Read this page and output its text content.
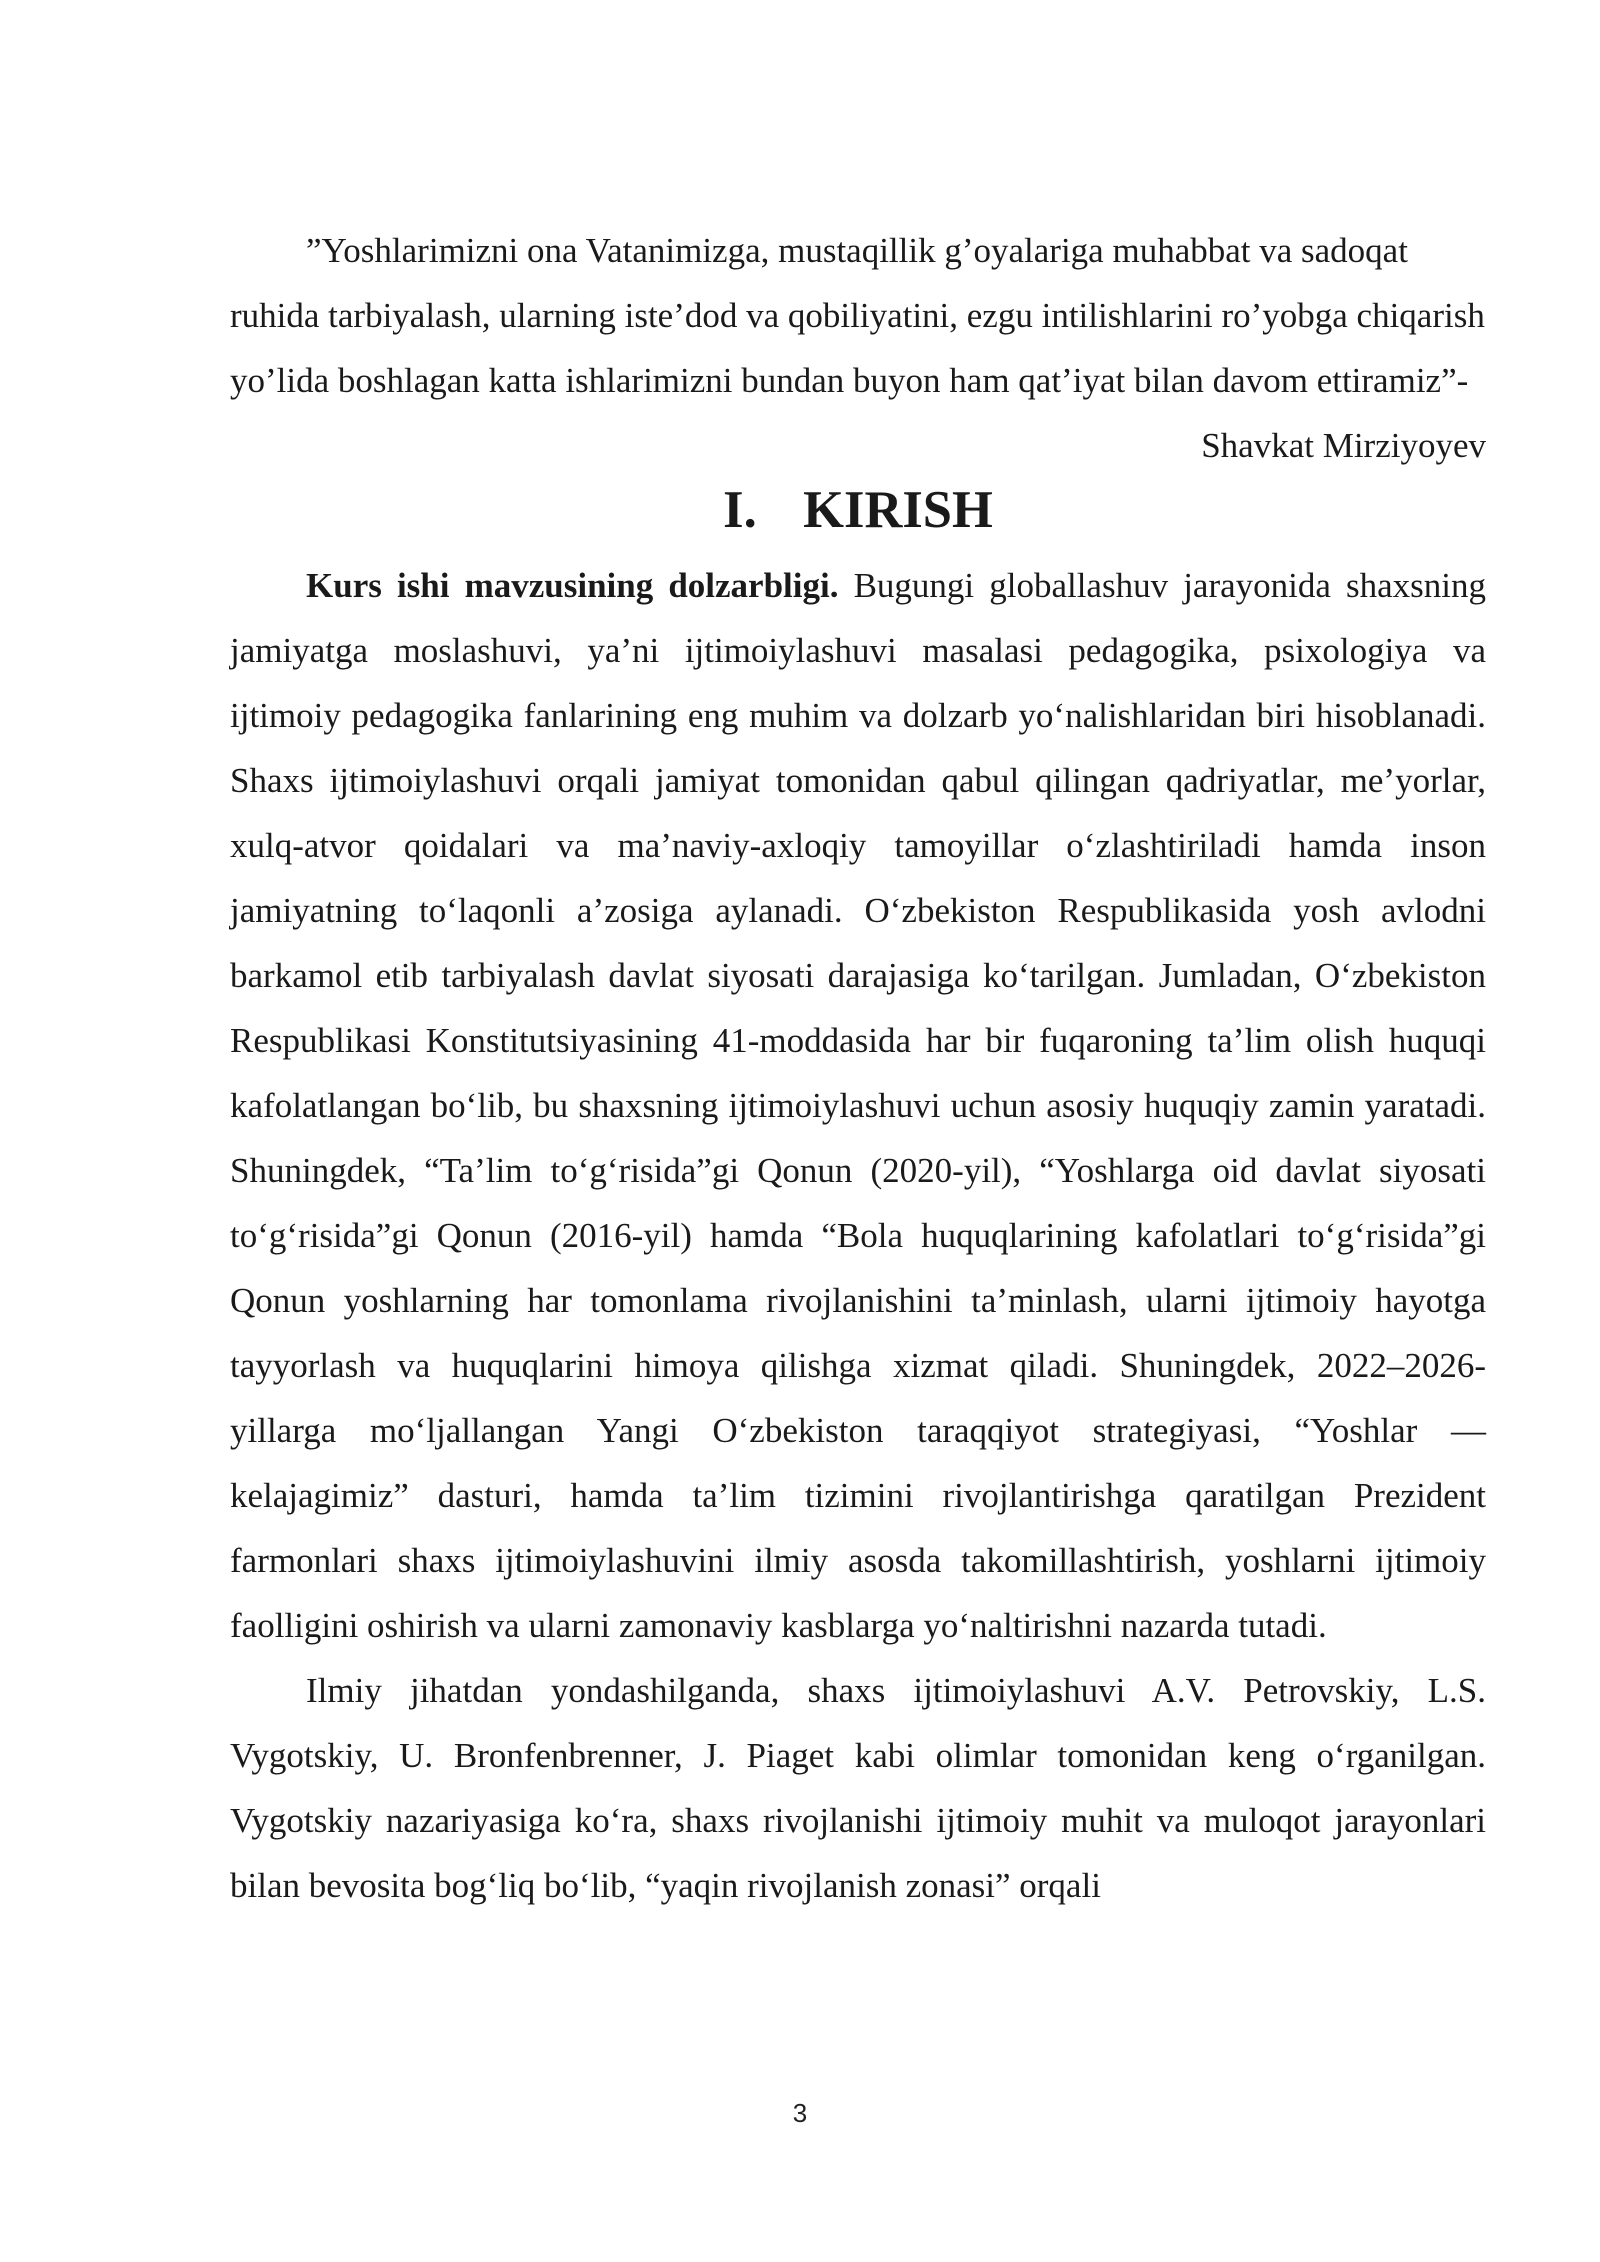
”Yoshlarimizni ona Vatanimizga, mustaqillik g’oyalariga muhabbat va sadoqat ruhida tarbiyalash, ularning iste’dod va qobiliyatini, ezgu intilishlarini ro’yobga chiqarish yo’lida boshlagan katta ishlarimizni bundan buyon ham qat’iyat bilan davom ettiramiz”-

Shavkat Mirziyoyev

I. KIRISH

Kurs ishi mavzusining dolzarbligi. Bugungi globallashuv jarayonida shaxsning jamiyatga moslashuvi, ya’ni ijtimoiylashuvi masalasi pedagogika, psixologiya va ijtimoiy pedagogika fanlarining eng muhim va dolzarb yo‘nalishlaridan biri hisoblanadi. Shaxs ijtimoiylashuvi orqali jamiyat tomonidan qabul qilingan qadriyatlar, me’yorlar, xulq-atvor qoidalari va ma’naviy-axloqiy tamoyillar o‘zlashtiriladi hamda inson jamiyatning to‘laqonli a’zosiga aylanadi. O‘zbekiston Respublikasida yosh avlodni barkamol etib tarbiyalash davlat siyosati darajasiga ko‘tarilgan. Jumladan, O‘zbekiston Respublikasi Konstitutsiyasining 41-moddasida har bir fuqaroning ta’lim olish huquqi kafolatlangan bo‘lib, bu shaxsning ijtimoiylashuvi uchun asosiy huquqiy zamin yaratadi. Shuningdek, “Ta’lim to‘g‘risida”gi Qonun (2020-yil), “Yoshlarga oid davlat siyosati to‘g‘risida”gi Qonun (2016-yil) hamda “Bola huquqlarining kafolatlari to‘g‘risida”gi Qonun yoshlarning har tomonlama rivojlanishini ta’minlash, ularni ijtimoiy hayotga tayyorlash va huquqlarini himoya qilishga xizmat qiladi. Shuningdek, 2022–2026-yillarga mo‘ljallangan Yangi O‘zbekiston taraqqiyot strategiyasi, “Yoshlar — kelajagimiz” dasturi, hamda ta’lim tizimini rivojlantirishga qaratilgan Prezident farmonlari shaxs ijtimoiylashuvini ilmiy asosda takomillashtirish, yoshlarni ijtimoiy faolligini oshirish va ularni zamonaviy kasblarga yo‘naltirishni nazarda tutadi.

Ilmiy jihatdan yondashilganda, shaxs ijtimoiylashuvi A.V. Petrovskiy, L.S. Vygotskiy, U. Bronfenbrenner, J. Piaget kabi olimlar tomonidan keng o‘rganilgan. Vygotskiy nazariyasiga ko‘ra, shaxs rivojlanishi ijtimoiy muhit va muloqot jarayonlari bilan bevosita bog‘liq bo‘lib, “yaqin rivojlanish zonasi” orqali

3
